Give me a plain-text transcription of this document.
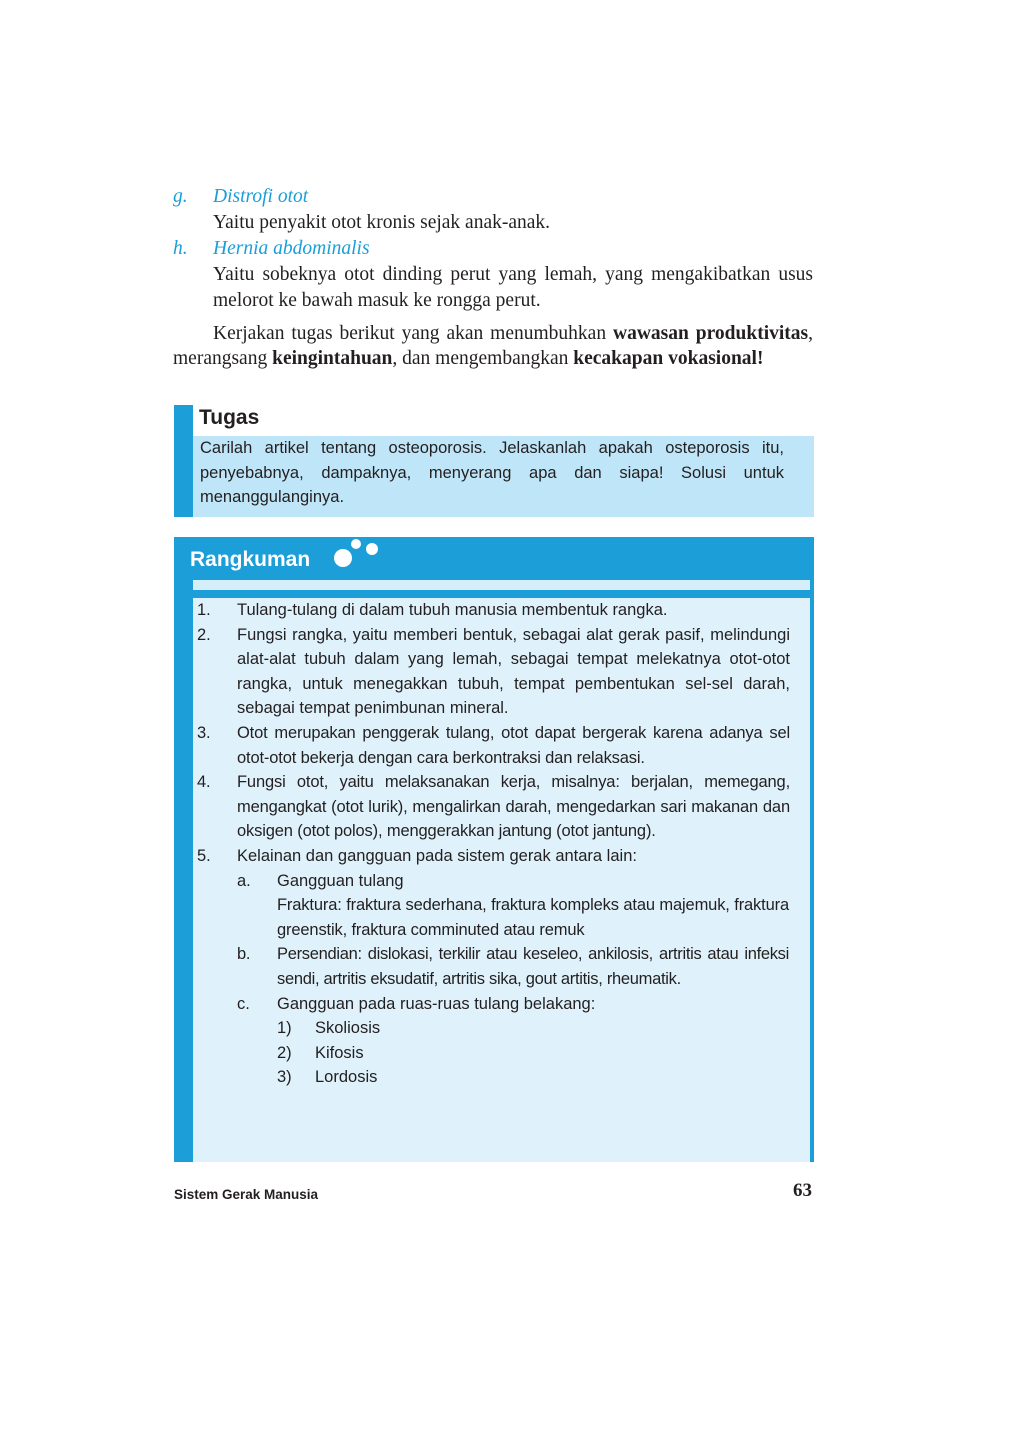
g. Distrofi otot
Yaitu penyakit otot kronis sejak anak-anak.
h. Hernia abdominalis
Yaitu sobeknya otot dinding perut yang lemah, yang mengakibatkan usus melorot ke bawah masuk ke rongga perut.
Kerjakan tugas berikut yang akan menumbuhkan wawasan produktivitas, merangsang keingintahuan, dan mengembangkan kecakapan vokasional!
Tugas
Carilah artikel tentang osteoporosis. Jelaskanlah apakah osteporosis itu, penyebabnya, dampaknya, menyerang apa dan siapa! Solusi untuk menanggulanginya.
Rangkuman
1. Tulang-tulang di dalam tubuh manusia membentuk rangka.
2. Fungsi rangka, yaitu memberi bentuk, sebagai alat gerak pasif, melindungi alat-alat tubuh dalam yang lemah, sebagai tempat melekatnya otot-otot rangka, untuk menegakkan tubuh, tempat pembentukan sel-sel darah, sebagai tempat penimbunan mineral.
3. Otot merupakan penggerak tulang, otot dapat bergerak karena adanya sel otot-otot bekerja dengan cara berkontraksi dan relaksasi.
4. Fungsi otot, yaitu melaksanakan kerja, misalnya: berjalan, memegang, mengangkat (otot lurik), mengalirkan darah, mengedarkan sari makanan dan oksigen (otot polos), menggerakkan jantung (otot jantung).
5. Kelainan dan gangguan pada sistem gerak antara lain:
a. Gangguan tulang
Fraktura: fraktura sederhana, fraktura kompleks atau majemuk, fraktura greenstik, fraktura comminuted atau remuk
b. Persendian: dislokasi, terkilir atau keseleo, ankilosis, artritis atau infeksi sendi, artritis eksudatif, artritis sika, gout artitis, rheumatik.
c. Gangguan pada ruas-ruas tulang belakang:
1) Skoliosis
2) Kifosis
3) Lordosis
Sistem Gerak Manusia	63
